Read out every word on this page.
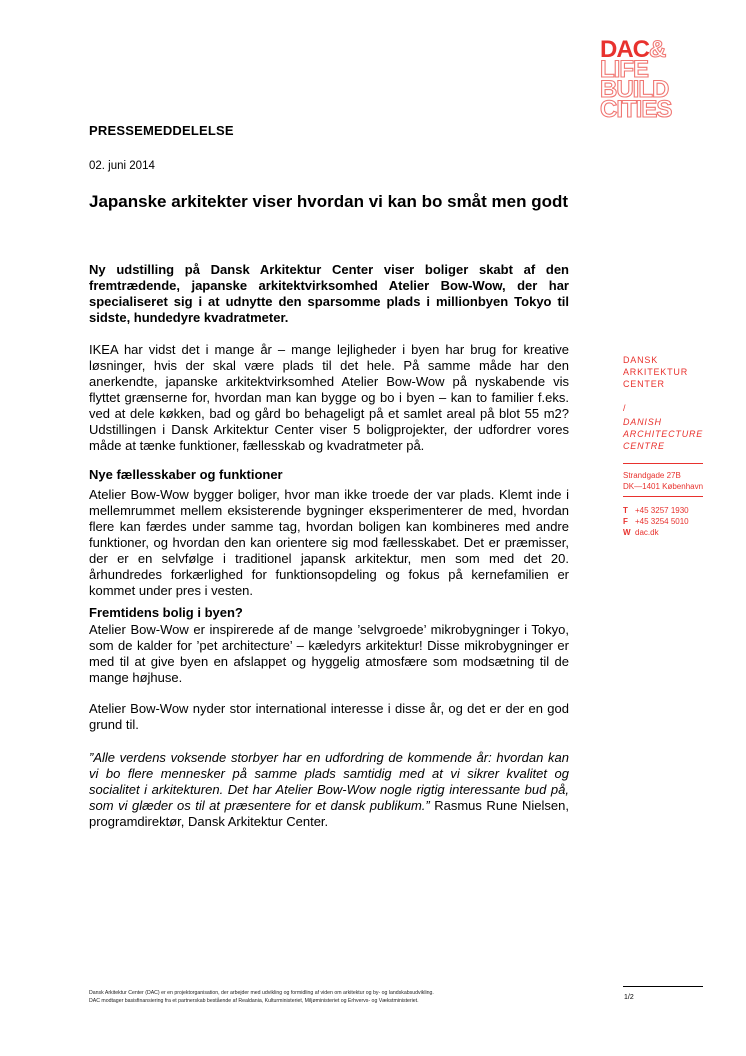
DAC&
LIFE
BUILD
CITIES
PRESSEMEDDELELSE
02. juni 2014
Japanske arkitekter viser hvordan vi kan bo småt men godt

Ny udstilling på Dansk Arkitektur Center viser boliger skabt af den fremtrædende, japanske arkitektvirksomhed Atelier Bow-Wow, der har specialiseret sig i at udnytte den sparsomme plads i millionbyen Tokyo til sidste, hundedyre kvadratmeter.

IKEA har vidst det i mange år – mange lejligheder i byen har brug for kreative løsninger, hvis der skal være plads til det hele. På samme måde har den anerkendte, japanske arkitektvirksomhed Atelier Bow-Wow på nyskabende vis flyttet grænserne for, hvordan man kan bygge og bo i byen – kan to familier f.eks. ved at dele køkken, bad og gård bo behageligt på et samlet areal på blot 55 m2? Udstillingen i Dansk Arkitektur Center viser 5 boligprojekter, der udfordrer vores måde at tænke funktioner, fællesskab og kvadratmeter på.

Nye fællesskaber og funktioner

Atelier Bow-Wow bygger boliger, hvor man ikke troede der var plads. Klemt inde i mellemrummet mellem eksisterende bygninger eksperimenterer de med, hvordan flere kan færdes under samme tag, hvordan boligen kan kombineres med andre funktioner, og hvordan den kan orientere sig mod fællesskabet. Det er præmisser, der er en selvfølge i traditionel japansk arkitektur, men som med det 20. århundredes forkærlighed for funktionsopdeling og fokus på kernefamilien er kommet under pres i vesten.

Fremtidens bolig i byen?

Atelier Bow-Wow er inspirerede af de mange ’selvgroede’ mikrobygninger i Tokyo, som de kalder for ’pet architecture’ – kæledyrs arkitektur! Disse mikrobygninger er med til at give byen en afslappet og hyggelig atmosfære som modsætning til de mange højhuse.

Atelier Bow-Wow nyder stor international interesse i disse år, og det er der en god grund til.

”Alle verdens voksende storbyer har en udfordring de kommende år: hvordan kan vi bo flere mennesker på samme plads samtidig med at vi sikrer kvalitet og socialitet i arkitekturen. Det har Atelier Bow-Wow nogle rigtig interessante bud på, som vi glæder os til at præsentere for et dansk publikum.” Rasmus Rune Nielsen, programdirektør, Dansk Arkitektur Center.

DANSK
ARKITEKTUR
CENTER
/
DANISH
ARCHITECTURE
CENTRE
Strandgade 27B
DK—1401 København
T +45 3257 1930
F +45 3254 5010
W dac.dk
Dansk Arkitektur Center (DAC) er en projektorganisation, der arbejder med udvikling og formidling af viden om arkitektur og by- og landskabsudvikling.
DAC modtager basisfinansiering fra et partnerskab bestående af Realdania, Kulturministeriet, Miljøministeriet og Erhvervs- og Vækstministeriet.	1/2
